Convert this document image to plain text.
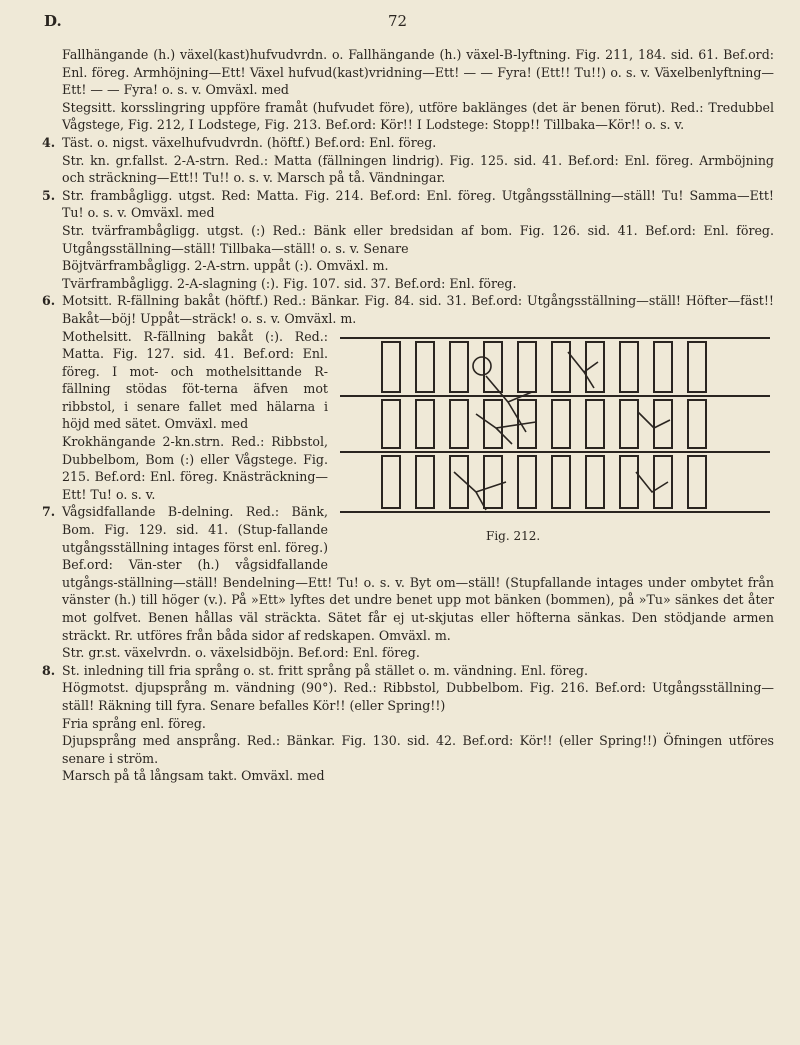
D.	72

Fallhängande (h.) växel(kast)hufvudvrdn. o. Fallhängande (h.) växel-B-lyftning. Fig. 211, 184. sid. 61. Bef.ord: Enl. föreg. Armhöjning—Ett! Växel hufvud(kast)vridning—Ett! — — Fyra! (Ett!! Tu!!) o. s. v. Växelbenlyftning—Ett! — — Fyra! o. s. v. Omväxl. med

Stegsitt. korsslingring uppföre framåt (hufvudet före), utföre baklänges (det är benen förut). Red.: Tredubbel Vågstege, Fig. 212, I Lodstege, Fig. 213. Bef.ord: Kör!! I Lodstege: Stopp!! Tillbaka—Kör!! o. s. v.

4. Täst. o. nigst. växelhufvudvrdn. (höftf.) Bef.ord: Enl. föreg.

Str. kn. gr.fallst. 2-A-strn. Red.: Matta (fällningen lindrig). Fig. 125. sid. 41. Bef.ord: Enl. föreg. Armböjning och sträckning—Ett!! Tu!! o. s. v. Marsch på tå. Vändningar.

5. Str. frambågligg. utgst. Red: Matta. Fig. 214. Bef.ord: Enl. föreg. Utgångsställning—ställ! Tu! Samma—Ett! Tu! o. s. v. Omväxl. med

Str. tvärframbågligg. utgst. (:) Red.: Bänk eller bredsidan af bom. Fig. 126. sid. 41. Bef.ord: Enl. föreg. Utgångsställning—ställ! Tillbaka—ställ! o. s. v. Senare

Böjtvärframbågligg. 2-A-strn. uppåt (:). Omväxl. m.

Tvärframbågligg. 2-A-slagning (:). Fig. 107. sid. 37. Bef.ord: Enl. föreg.

6. Motsitt. R-fällning bakåt (höftf.) Red.: Bänkar. Fig. 84. sid. 31. Bef.ord: Utgångsställning—ställ! Höfter—fäst!! Bakåt—böj! Uppåt—sträck! o. s. v. Omväxl. m.

Fig. 212.

Mothelsitt. R-fällning bakåt (:). Red.: Matta. Fig. 127. sid. 41. Bef.ord: Enl. föreg. I mot- och mothelsittande R-fällning stödas föt-terna äfven mot ribbstol, i senare fallet med hälarna i höjd med sätet. Omväxl. med

Krokhängande 2-kn.strn. Red.: Ribbstol, Dubbelbom, Bom (:) eller Vågstege. Fig. 215. Bef.ord: Enl. föreg. Knästräckning—Ett! Tu! o. s. v.

7. Vågsidfallande B-delning. Red.: Bänk, Bom. Fig. 129. sid. 41. (Stup-fallande utgångsställning intages först enl. föreg.) Bef.ord: Vän-ster (h.) vågsidfallande utgångs-ställning—ställ! Bendelning—Ett! Tu! o. s. v. Byt om—ställ! (Stupfallande intages under ombytet från vänster (h.) till höger (v.). På »Ett» lyftes det undre benet upp mot bänken (bommen), på »Tu» sänkes det åter mot golfvet. Benen hållas väl sträckta. Sätet får ej ut-skjutas eller höfterna sänkas. Den stödjande armen sträckt. Rr. utföres från båda sidor af redskapen. Omväxl. m.

Str. gr.st. växelvrdn. o. växelsidböjn. Bef.ord: Enl. föreg.

8. St. inledning till fria språng o. st. fritt språng på stället o. m. vändning. Enl. föreg.

Högmotst. djupsprång m. vändning (90°). Red.: Ribbstol, Dubbelbom. Fig. 216. Bef.ord: Utgångsställning—ställ! Räkning till fyra. Senare befalles Kör!! (eller Spring!!)

Fria språng enl. föreg.

Djupsprång med ansprång. Red.: Bänkar. Fig. 130. sid. 42. Bef.ord: Kör!! (eller Spring!!) Öfningen utföres senare i ström.

Marsch på tå långsam takt. Omväxl. med
